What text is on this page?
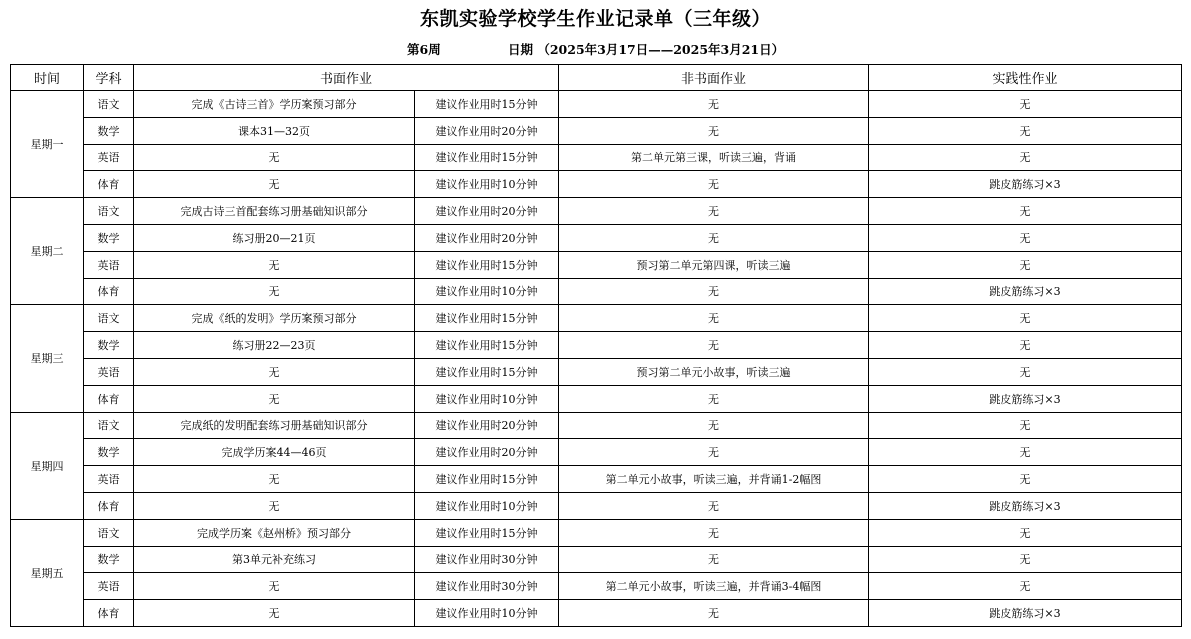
东凯实验学校学生作业记录单（三年级）
第6周	日期 （2025年3月17日——2025年3月21日）
时间	学科	书面作业		非书面作业	实践性作业
星期一	语文	完成《古诗三首》学历案预习部分	建议作业用时15分钟	无	无
	数学	课本31—32页	建议作业用时20分钟	无	无
	英语	无	建议作业用时15分钟	第二单元第三课，听读三遍，背诵	无
	体育	无	建议作业用时10分钟	无	跳皮筋练习×3
星期二	语文	完成古诗三首配套练习册基础知识部分	建议作业用时20分钟	无	无
	数学	练习册20—21页	建议作业用时20分钟	无	无
	英语	无	建议作业用时15分钟	预习第二单元第四课，听读三遍	无
	体育	无	建议作业用时10分钟	无	跳皮筋练习×3
星期三	语文	完成《纸的发明》学历案预习部分	建议作业用时15分钟	无	无
	数学	练习册22—23页	建议作业用时15分钟	无	无
	英语	无	建议作业用时15分钟	预习第二单元小故事，听读三遍	无
	体育	无	建议作业用时10分钟	无	跳皮筋练习×3
星期四	语文	完成纸的发明配套练习册基础知识部分	建议作业用时20分钟	无	无
	数学	完成学历案44—46页	建议作业用时20分钟	无	无
	英语	无	建议作业用时15分钟	第二单元小故事，听读三遍，并背诵1-2幅图	无
	体育	无	建议作业用时10分钟	无	跳皮筋练习×3
星期五	语文	完成学历案《赵州桥》预习部分	建议作业用时15分钟	无	无
	数学	第3单元补充练习	建议作业用时30分钟	无	无
	英语	无	建议作业用时30分钟	第二单元小故事，听读三遍，并背诵3-4幅图	无
	体育	无	建议作业用时10分钟	无	跳皮筋练习×3
